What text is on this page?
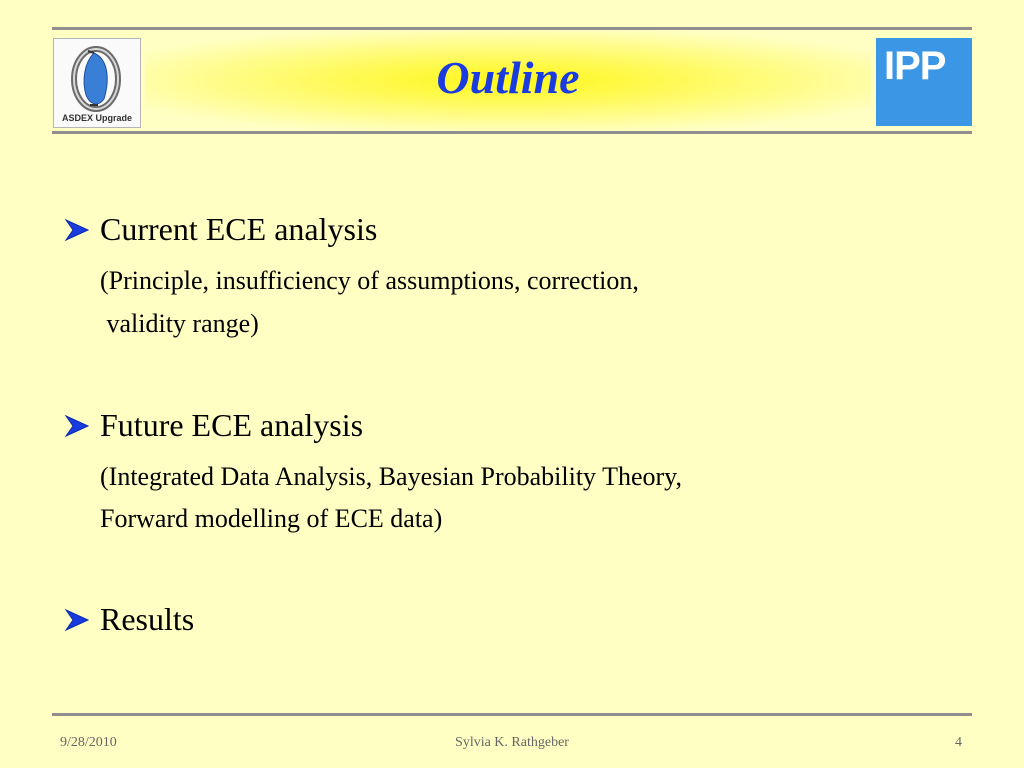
Outline
ASDEX Upgrade
IPP
Current ECE analysis
(Principle, insufficiency of assumptions, correction,
validity range)
Future ECE analysis
(Integrated Data Analysis, Bayesian Probability Theory,
Forward modelling of ECE data)
Results
9/28/2010	Sylvia K. Rathgeber	4
